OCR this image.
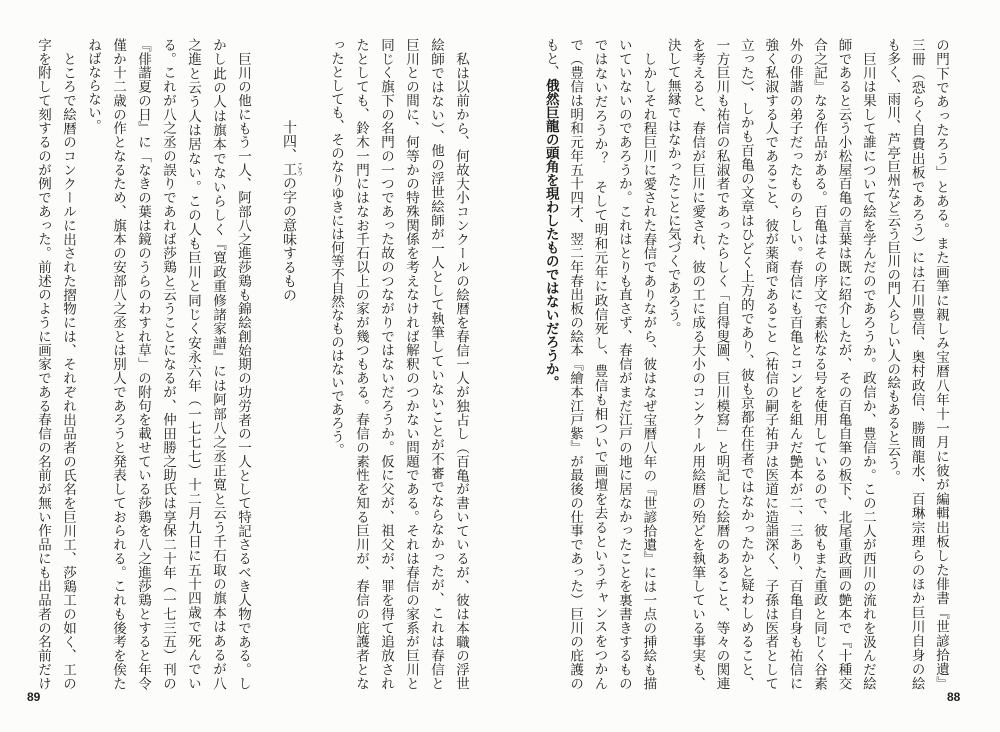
の門下であったろう」とある。また画筆に親しみ宝暦八年十一月に彼が編輯出板した俳書『世諺拾遺』
三冊（恐らく自費出板であろう）には石川豊信、奥村政信、勝間龍水、百琳宗理らのほか巨川自身の絵
も多く、雨川、芦亭巨州など云う巨川の門人らしい人の絵もあると云う。
巨川は果して誰について絵を学んだのであろうか。政信か、豊信か。この二人が西川の流れを汲んだ絵
師であると云う小松屋百亀の言葉は既に紹介したが、その百亀自筆の板下、北尾重政画の艶本で『十種交
合之記』なる作品がある。百亀はその序文で素松なる号を使用しているので、彼もまた重政と同じく谷素
外の俳諧の弟子だったものらしい。春信にも百亀とコンビを組んだ艶本が二、三あり、百亀自身も祐信に
強く私淑する人であること、彼が薬商であること（祐信の嗣子祐尹は医道に造詣深く、子孫は医者として
立った）、しかも百亀の文章はひどく上方的であり、彼も京都在住者ではなかったかと疑わしめること、
一方巨川も祐信の私淑者であったらしく「自得叟圖、巨川模寫」と明記した絵暦のあること、等々の関連
を考えると、春信が巨川に愛され、彼の工に成る大小のコンクール用絵暦の殆どを執筆している事実も、
決して無縁ではなかったことに気づくであろう。
しかしそれ程巨川に愛された春信でありながら、彼はなぜ宝暦八年の『世諺拾遺』には一点の挿絵も描
いていないのであろうか。これはとりも直さず、春信がまだ江戸の地に居なかったことを裏書きするもの
ではないだろうか？　そして明和元年に政信死し、豊信も相ついで画壇を去るというチャンスをつかん
で（豊信は明和元年五十四才、翌二年春出板の絵本『繪本江戸紫』が最後の仕事であった）巨川の庇護の
もと、俄然巨龍の頭角を現わしたものではないだろうか。
88
私は以前から、何故大小コンクールの絵暦を春信一人が独占し（百亀が書いているが、彼は本職の浮世
絵師ではない）、他の浮世絵師が一人として執筆していないことが不審でならなかったが、これは春信と
巨川との間に、何等かの特殊関係を考えなければ解釈のつかない問題である。それは春信の家系が巨川と
同じく旗下の名門の一つであった故のつながりではないだろうか。仮に父が、祖父が、罪を得て追放され
たとしても、鈴木一門にはなお千石以上の家が幾つもある。春信の素性を知る巨川が、春信の庇護者とな
ったとしても、そのなりゆきには何等不自然なものはないであろう。
十四、工 こうの字の意味するもの
巨川の他にもう一人、阿部八之進莎鶏も錦絵創始期の功労者の一人として特記さるべき人物である。し
かし此の人は旗本でないらしく『寛政重修諸家譜』には阿部八之丞正寛と云う千石取の旗本はあるが八
之進と云う人は居ない。この人も巨川と同じく安永六年（一七七七）十二月九日に五十四歳で死んでい
る。これが八之丞の誤りであれば莎鶏と云うことになるが、仲田勝之助氏は享保二十年（一七三五）刊の
『俳諧夏の日』に「なきの葉は鏡のうらのわすれ草」の附句を載せている莎鶏を八之進莎鶏とすると年令
僅か十二歳の作となるため、旗本の安部八之丞とは別人であろうと発表しておられる。これも後考を俟た
ねばならない。
ところで絵暦のコンクールに出された摺物には、それぞれ出品者の氏名を巨川工、莎鶏工の如く、工の
字を附して刻するのが例であった。前述のように画家である春信の名前が無い作品にも出品者の名前だけ
89
